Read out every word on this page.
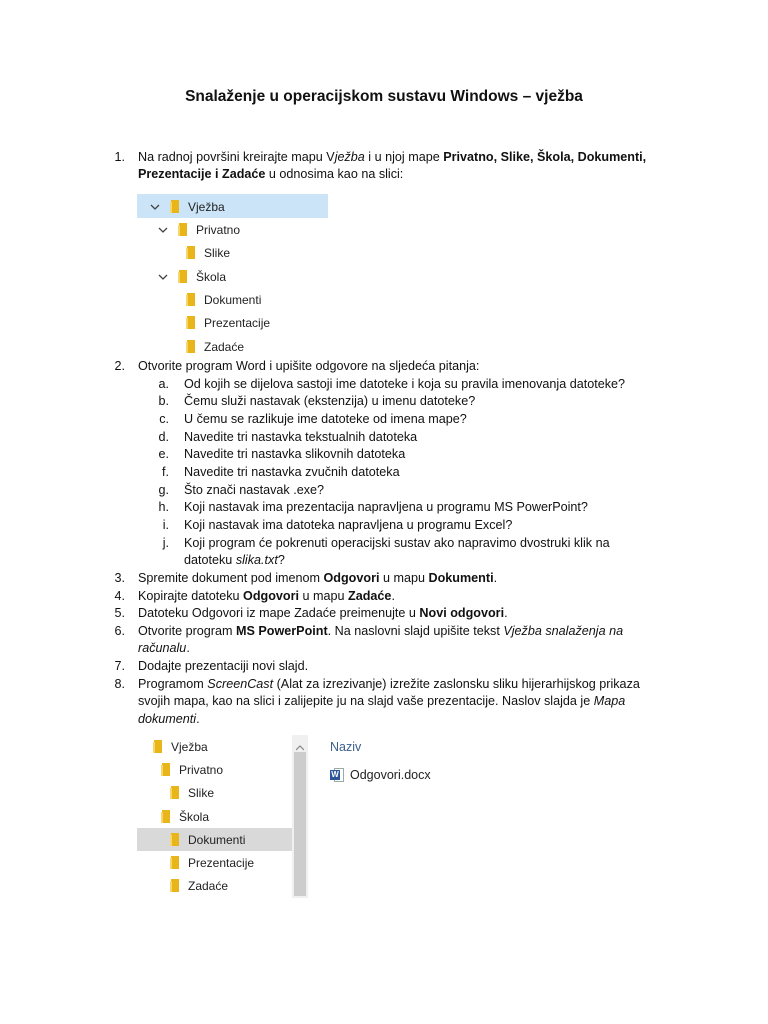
Snalaženje u operacijskom sustavu Windows – vježba
1. Na radnoj površini kreirajte mapu Vježba i u njoj mape Privatno, Slike, Škola, Dokumenti,
Prezentacije i Zadaće u odnosima kao na slici:
Vježba
Privatno
Slike
Škola
Dokumenti
Prezentacije
Zadaće
2. Otvorite program Word i upišite odgovore na sljedeća pitanja:
a. Od kojih se dijelova sastoji ime datoteke i koja su pravila imenovanja datoteke?
b. Čemu služi nastavak (ekstenzija) u imenu datoteke?
c. U čemu se razlikuje ime datoteke od imena mape?
d. Navedite tri nastavka tekstualnih datoteka
e. Navedite tri nastavka slikovnih datoteka
f. Navedite tri nastavka zvučnih datoteka
g. Što znači nastavak .exe?
h. Koji nastavak ima prezentacija napravljena u programu MS PowerPoint?
i. Koji nastavak ima datoteka napravljena u programu Excel?
j. Koji program će pokrenuti operacijski sustav ako napravimo dvostruki klik na
datoteku slika.txt?
3. Spremite dokument pod imenom Odgovori u mapu Dokumenti.
4. Kopirajte datoteku Odgovori u mapu Zadaće.
5. Datoteku Odgovori iz mape Zadaće preimenujte u Novi odgovori.
6. Otvorite program MS PowerPoint. Na naslovni slajd upišite tekst Vježba snalaženja na
računalu.
7. Dodajte prezentaciji novi slajd.
8. Programom ScreenCast (Alat za izrezivanje) izrežite zaslonsku sliku hijerarhijskog prikaza
svojih mapa, kao na slici i zalijepite ju na slajd vaše prezentacije. Naslov slajda je Mapa
dokumenti.
Vježba
Privatno
Slike
Škola
Dokumenti
Prezentacije
Zadaće
Naziv
W Odgovori.docx
